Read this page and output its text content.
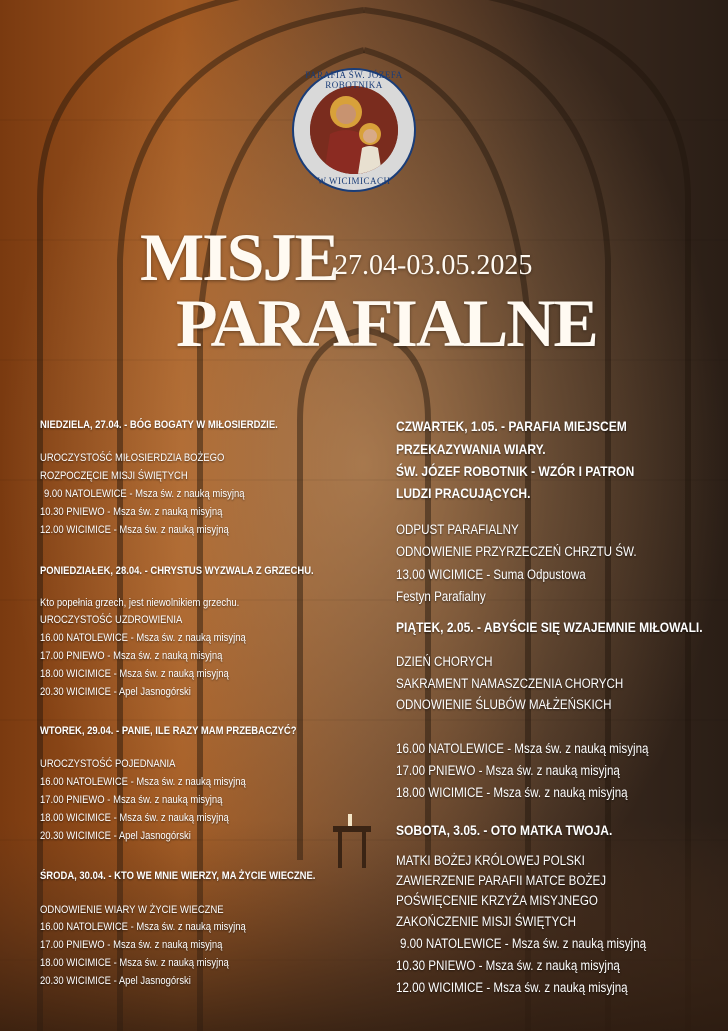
PARAFIA ŚW. JÓZEFA ROBOTNIKA
W WICIMICACH
MISJE
27.04-03.05.2025
PARAFIALNE
NIEDZIELA, 27.04. - BÓG BOGATY W MIŁOSIERDZIE.
UROCZYSTOŚĆ MIŁOSIERDZIA BOŻEGO
ROZPOCZĘCIE MISJI ŚWIĘTYCH
9.00 NATOLEWICE - Msza św. z nauką misyjną
10.30 PNIEWO - Msza św. z nauką misyjną
12.00 WICIMICE - Msza św. z nauką misyjną
PONIEDZIAŁEK, 28.04. - CHRYSTUS WYZWALA Z GRZECHU.
Kto popełnia grzech, jest niewolnikiem grzechu.
UROCZYSTOŚĆ UZDROWIENIA
16.00 NATOLEWICE - Msza św. z nauką misyjną
17.00 PNIEWO - Msza św. z nauką misyjną
18.00 WICIMICE - Msza św. z nauką misyjną
20.30 WICIMICE - Apel Jasnogórski
WTOREK, 29.04. - PANIE, ILE RAZY MAM PRZEBACZYĆ?
UROCZYSTOŚĆ POJEDNANIA
16.00 NATOLEWICE - Msza św. z nauką misyjną
17.00 PNIEWO - Msza św. z nauką misyjną
18.00 WICIMICE - Msza św. z nauką misyjną
20.30 WICIMICE - Apel Jasnogórski
ŚRODA, 30.04. - KTO WE MNIE WIERZY, MA ŻYCIE WIECZNE.
ODNOWIENIE WIARY W ŻYCIE WIECZNE
16.00 NATOLEWICE - Msza św. z nauką misyjną
17.00 PNIEWO - Msza św. z nauką misyjną
18.00 WICIMICE - Msza św. z nauką misyjną
20.30 WICIMICE - Apel Jasnogórski
CZWARTEK, 1.05. - PARAFIA MIEJSCEM
PRZEKAZYWANIA WIARY.
ŚW. JÓZEF ROBOTNIK - WZÓR I PATRON
LUDZI PRACUJĄCYCH.
ODPUST PARAFIALNY
ODNOWIENIE PRZYRZECZEŃ CHRZTU ŚW.
13.00 WICIMICE - Suma Odpustowa
Festyn Parafialny
PIĄTEK, 2.05. - ABYŚCIE SIĘ WZAJEMNIE MIŁOWALI.
DZIEŃ CHORYCH
SAKRAMENT NAMASZCZENIA CHORYCH
ODNOWIENIE ŚLUBÓW MAŁŻEŃSKICH
16.00 NATOLEWICE - Msza św. z nauką misyjną
17.00 PNIEWO - Msza św. z nauką misyjną
18.00 WICIMICE - Msza św. z nauką misyjną
SOBOTA, 3.05. - OTO MATKA TWOJA.
MATKI BOŻEJ KRÓLOWEJ POLSKI
ZAWIERZENIE PARAFII MATCE BOŻEJ
POŚWIĘCENIE KRZYŻA MISYJNEGO
ZAKOŃCZENIE MISJI ŚWIĘTYCH
9.00 NATOLEWICE - Msza św. z nauką misyjną
10.30 PNIEWO - Msza św. z nauką misyjną
12.00 WICIMICE - Msza św. z nauką misyjną
